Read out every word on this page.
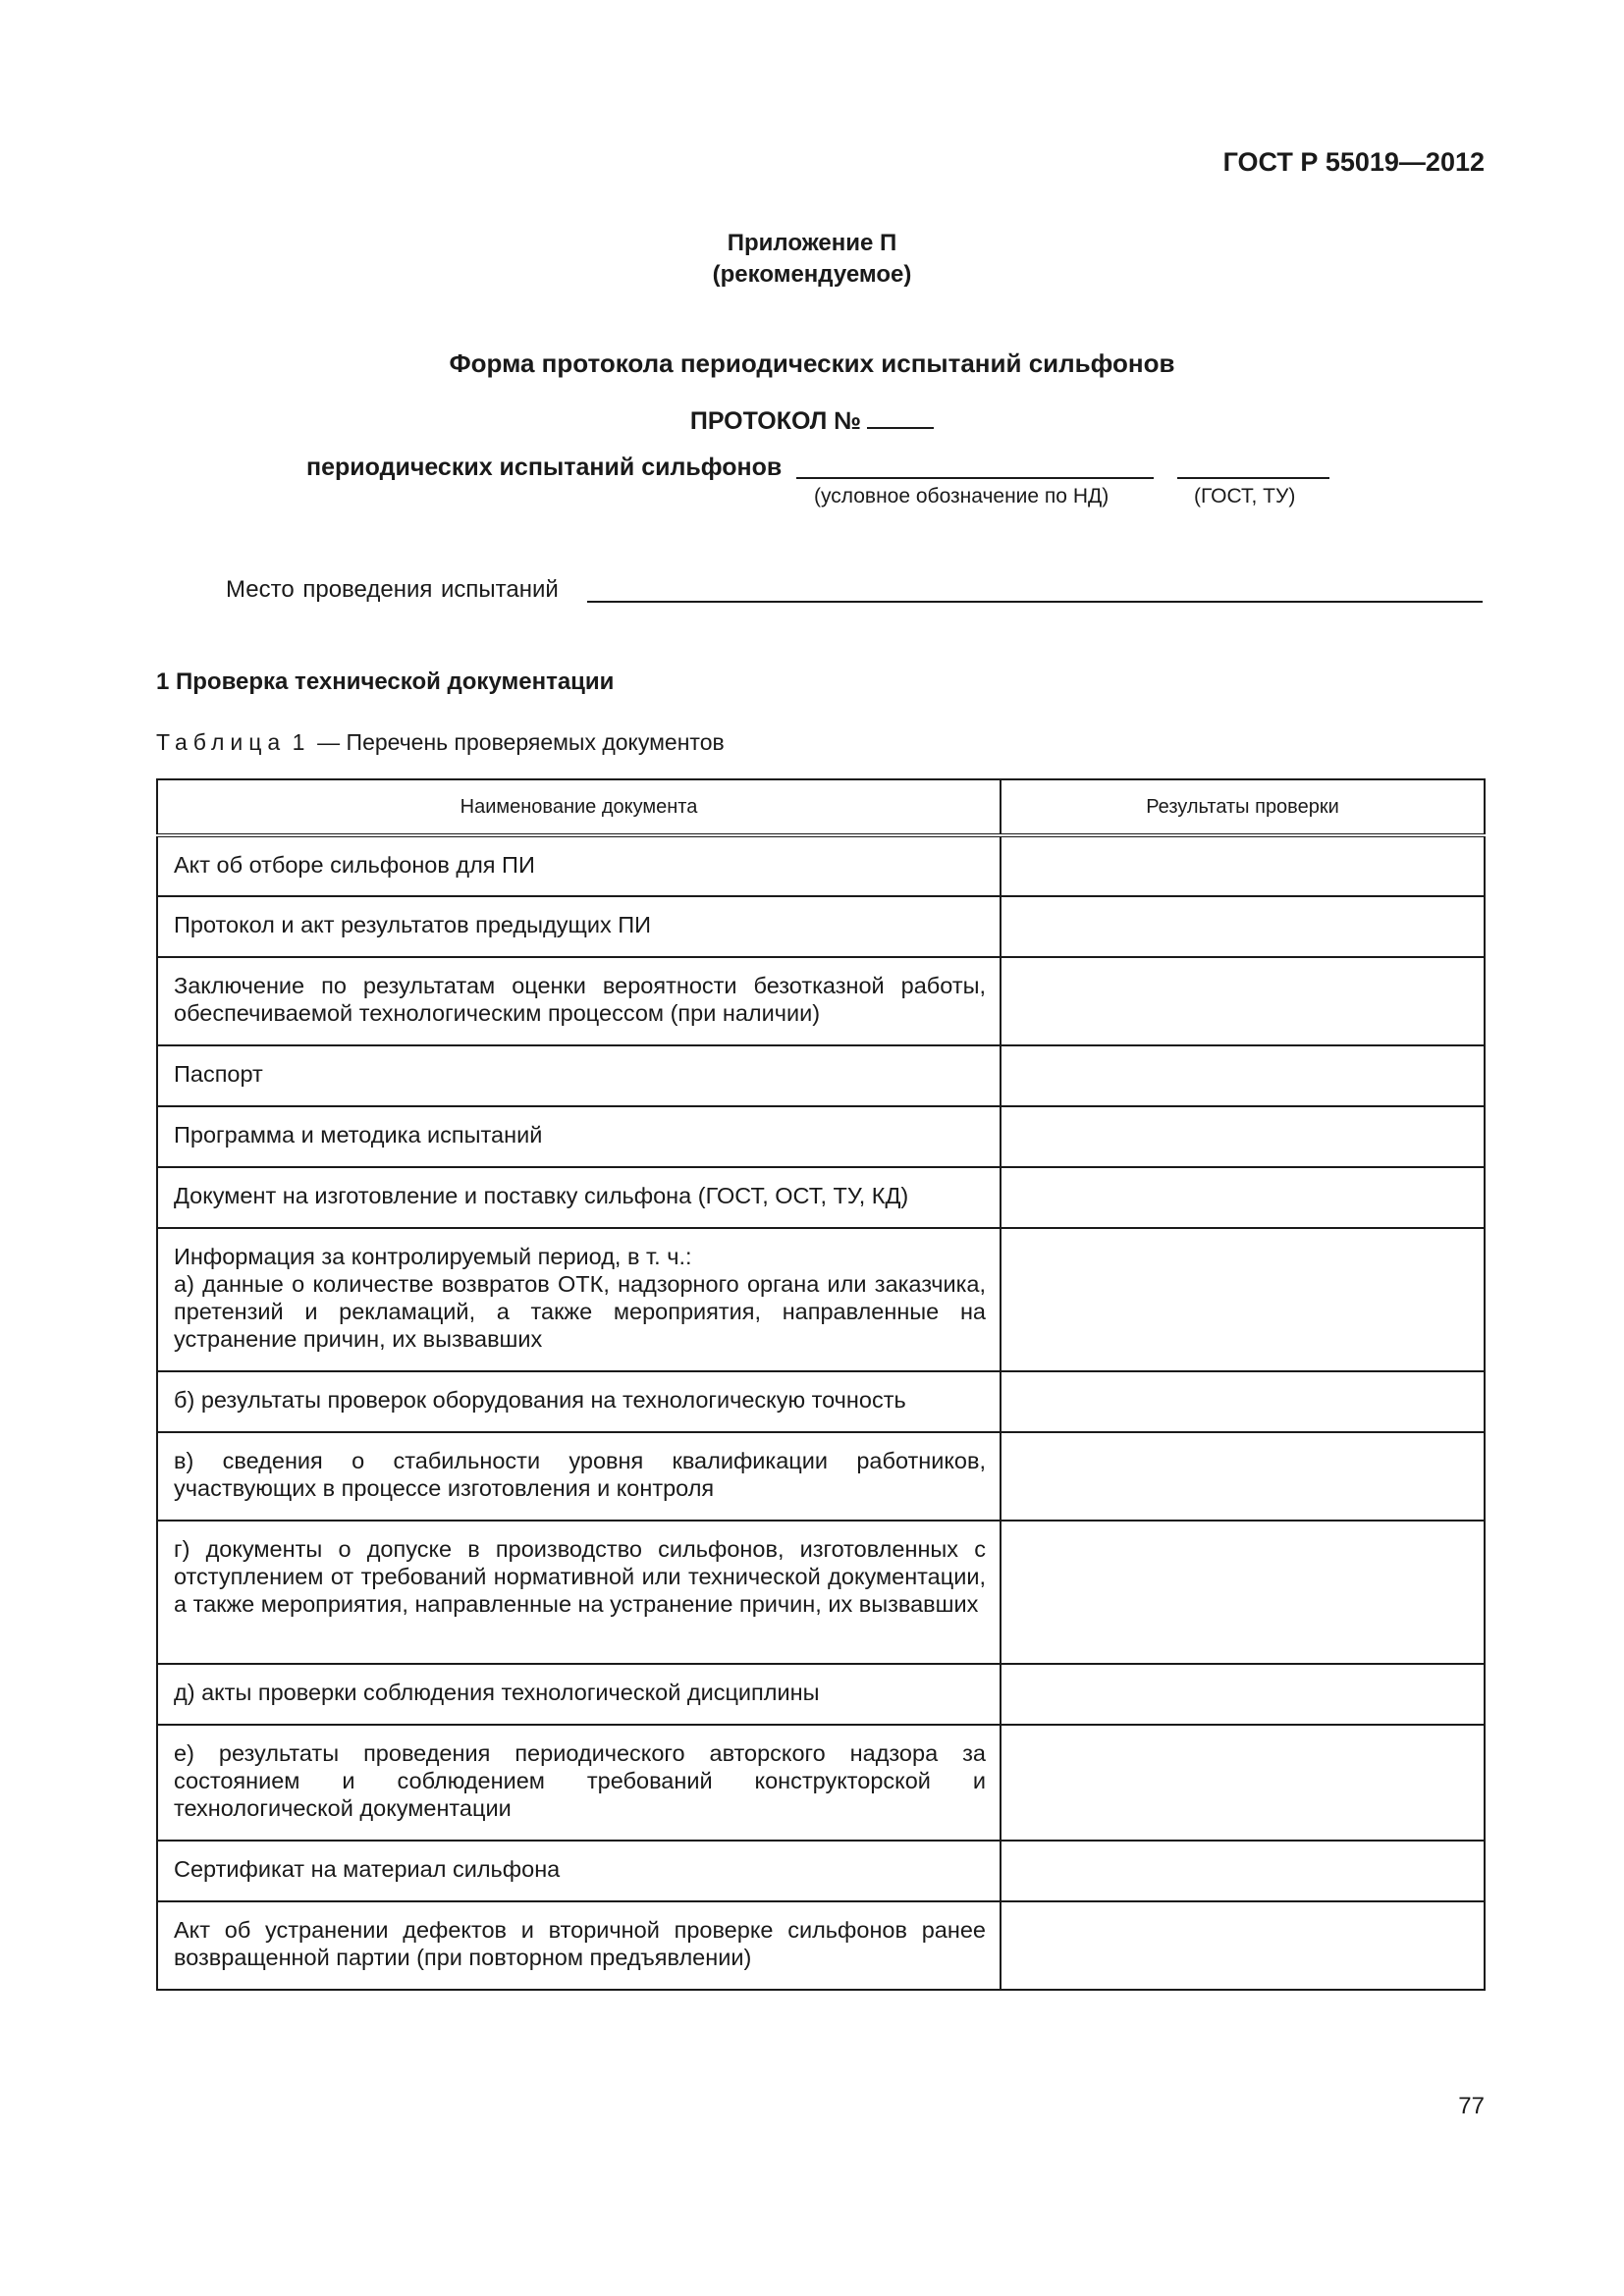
ГОСТ Р 55019—2012
Приложение П
(рекомендуемое)
Форма протокола периодических испытаний сильфонов
ПРОТОКОЛ №
периодических испытаний сильфонов
(условное обозначение по НД)	(ГОСТ, ТУ)
Место проведения испытаний
1 Проверка технической документации
Таблица 1 — Перечень проверяемых документов
Наименование документа	Результаты проверки
Акт об отборе сильфонов для ПИ	
Протокол и акт результатов предыдущих ПИ	
Заключение по результатам оценки вероятности безотказной работы, обеспечиваемой технологическим процессом (при наличии)	
Паспорт	
Программа и методика испытаний	
Документ на изготовление и поставку сильфона (ГОСТ, ОСТ, ТУ, КД)	
Информация за контролируемый период, в т. ч.:
а) данные о количестве возвратов ОТК, надзорного органа или заказчика, претензий и рекламаций, а также мероприятия, направленные на устранение причин, их вызвавших	
б) результаты проверок оборудования на технологическую точность	
в) сведения о стабильности уровня квалификации работников, участвующих в процессе изготовления и контроля	
г) документы о допуске в производство сильфонов, изготовленных с отступлением от требований нормативной или технической документации, а также мероприятия, направленные на устранение причин, их вызвавших	
д) акты проверки соблюдения технологической дисциплины	
е) результаты проведения периодического авторского надзора за состоянием и соблюдением требований конструкторской и технологической документации	
Сертификат на материал сильфона	
Акт об устранении дефектов и вторичной проверке сильфонов ранее возвращенной партии (при повторном предъявлении)	
77
